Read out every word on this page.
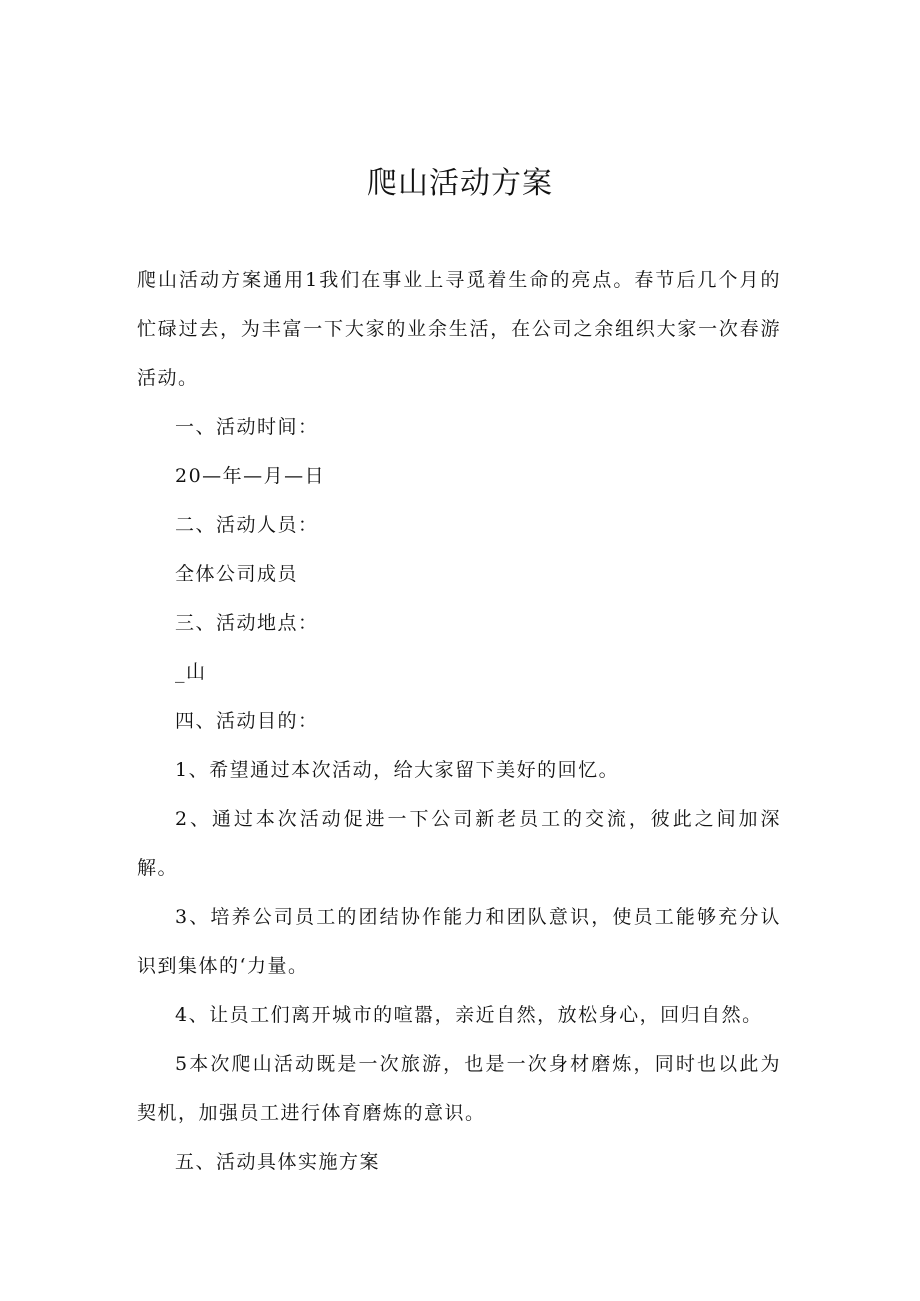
爬山活动方案

爬山活动方案通用1我们在事业上寻觅着生命的亮点。春节后几个月的忙碌过去，为丰富一下大家的业余生活，在公司之余组织大家一次春游活动。

一、活动时间：

20—年—月—日

二、活动人员：

全体公司成员

三、活动地点：

_山

四、活动目的：

1、希望通过本次活动，给大家留下美好的回忆。

2、通过本次活动促进一下公司新老员工的交流，彼此之间加深解。

3、培养公司员工的团结协作能力和团队意识，使员工能够充分认识到集体的‘力量。

4、让员工们离开城市的喧嚣，亲近自然，放松身心，回归自然。

5本次爬山活动既是一次旅游，也是一次身材磨炼，同时也以此为契机，加强员工进行体育磨炼的意识。

五、活动具体实施方案
